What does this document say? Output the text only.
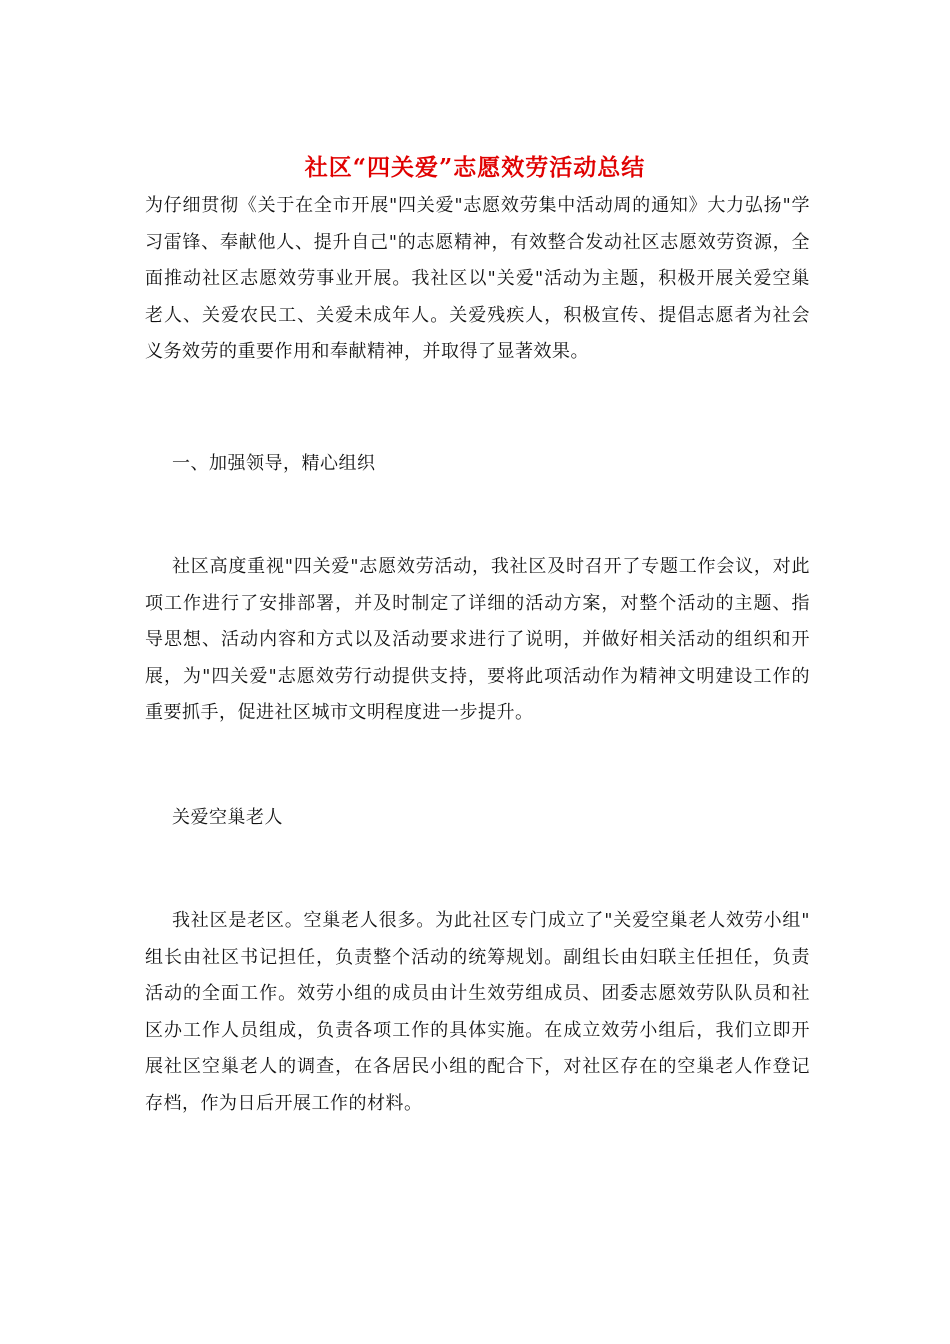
社区“四关爱”志愿效劳活动总结
为仔细贯彻《关于在全市开展"四关爱"志愿效劳集中活动周的通知》大力弘扬"学习雷锋、奉献他人、提升自己"的志愿精神，有效整合发动社区志愿效劳资源，全面推动社区志愿效劳事业开展。我社区以"关爱"活动为主题，积极开展关爱空巢老人、关爱农民工、关爱未成年人。关爱残疾人，积极宣传、提倡志愿者为社会义务效劳的重要作用和奉献精神，并取得了显著效果。
一、加强领导，精心组织
社区高度重视"四关爱"志愿效劳活动，我社区及时召开了专题工作会议，对此项工作进行了安排部署，并及时制定了详细的活动方案，对整个活动的主题、指导思想、活动内容和方式以及活动要求进行了说明，并做好相关活动的组织和开展，为"四关爱"志愿效劳行动提供支持，要将此项活动作为精神文明建设工作的重要抓手，促进社区城市文明程度进一步提升。
关爱空巢老人
我社区是老区。空巢老人很多。为此社区专门成立了"关爱空巢老人效劳小组" 组长由社区书记担任，负责整个活动的统筹规划。副组长由妇联主任担任，负责活动的全面工作。效劳小组的成员由计生效劳组成员、团委志愿效劳队队员和社区办工作人员组成，负责各项工作的具体实施。在成立效劳小组后，我们立即开展社区空巢老人的调查，在各居民小组的配合下，对社区存在的空巢老人作登记存档，作为日后开展工作的材料。
